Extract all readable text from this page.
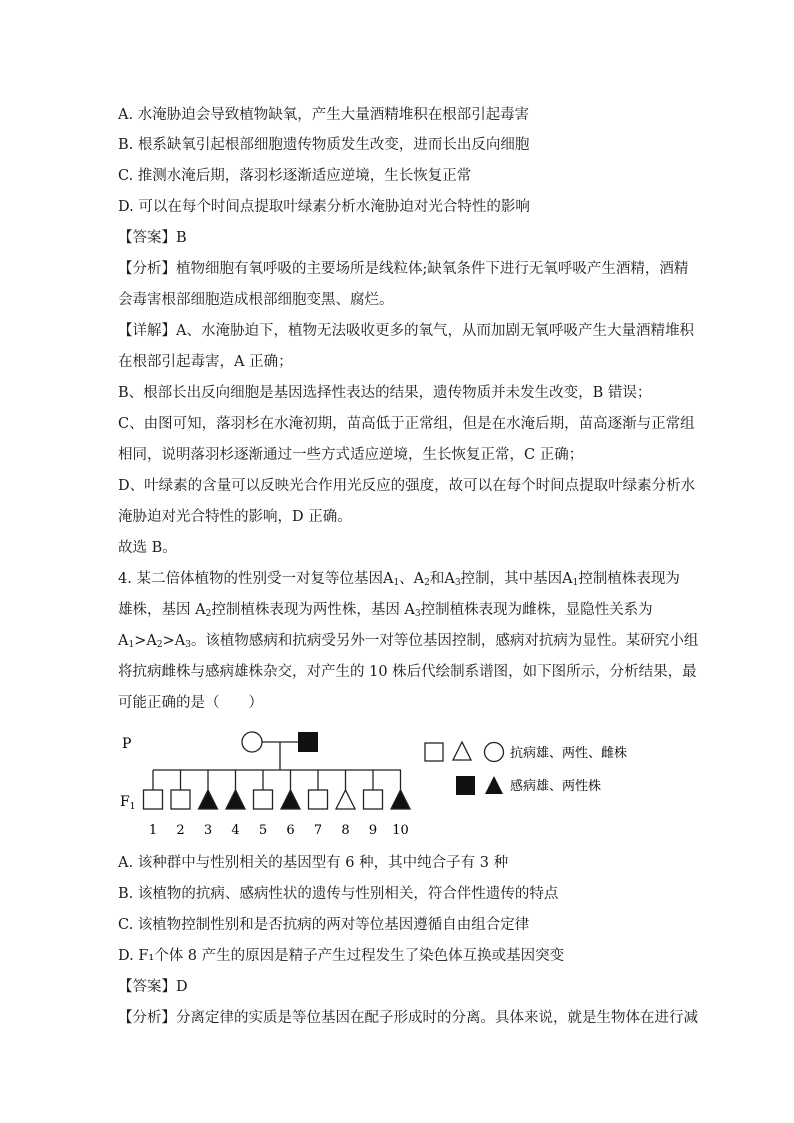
A. 水淹胁迫会导致植物缺氧，产生大量酒精堆积在根部引起毒害
B. 根系缺氧引起根部细胞遗传物质发生改变，进而长出反向细胞
C. 推测水淹后期，落羽杉逐渐适应逆境，生长恢复正常
D. 可以在每个时间点提取叶绿素分析水淹胁迫对光合特性的影响
【答案】B
【分析】植物细胞有氧呼吸的主要场所是线粒体;缺氧条件下进行无氧呼吸产生酒精，酒精
会毒害根部细胞造成根部细胞变黑、腐烂。
【详解】A、水淹胁迫下，植物无法吸收更多的氧气，从而加剧无氧呼吸产生大量酒精堆积
在根部引起毒害，A 正确；
B、根部长出反向细胞是基因选择性表达的结果，遗传物质并未发生改变，B 错误；
C、由图可知，落羽杉在水淹初期，苗高低于正常组，但是在水淹后期，苗高逐渐与正常组
相同，说明落羽杉逐渐通过一些方式适应逆境，生长恢复正常，C 正确；
D、叶绿素的含量可以反映光合作用光反应的强度，故可以在每个时间点提取叶绿素分析水
淹胁迫对光合特性的影响，D 正确。
故选 B。
4. 某二倍体植物的性别受一对复等位基因$A_1$、$A_2$和$A_3$控制，其中基因$A_1$控制植株表现为
雄株，基因 $A_2$控制植株表现为两性株，基因 $A_3$控制植株表现为雌株，显隐性关系为
$A_1>A_2>A_3$。该植物感病和抗病受另外一对等位基因控制，感病对抗病为显性。某研究小组
将抗病雌株与感病雄株杂交，对产生的 10 株后代绘制系谱图，如下图所示，分析结果，最
可能正确的是（　　）
P
$F_1$
1 2 3 4 5 6 7 8 9 10
抗病雄、两性、雌株
感病雄、两性株
A. 该种群中与性别相关的基因型有 6 种，其中纯合子有 3 种
B. 该植物的抗病、感病性状的遗传与性别相关，符合伴性遗传的特点
C. 该植物控制性别和是否抗病的两对等位基因遵循自由组合定律
D. F₁个体 8 产生的原因是精子产生过程发生了染色体互换或基因突变
【答案】D
【分析】分离定律的实质是等位基因在配子形成时的分离。具体来说，就是生物体在进行减
